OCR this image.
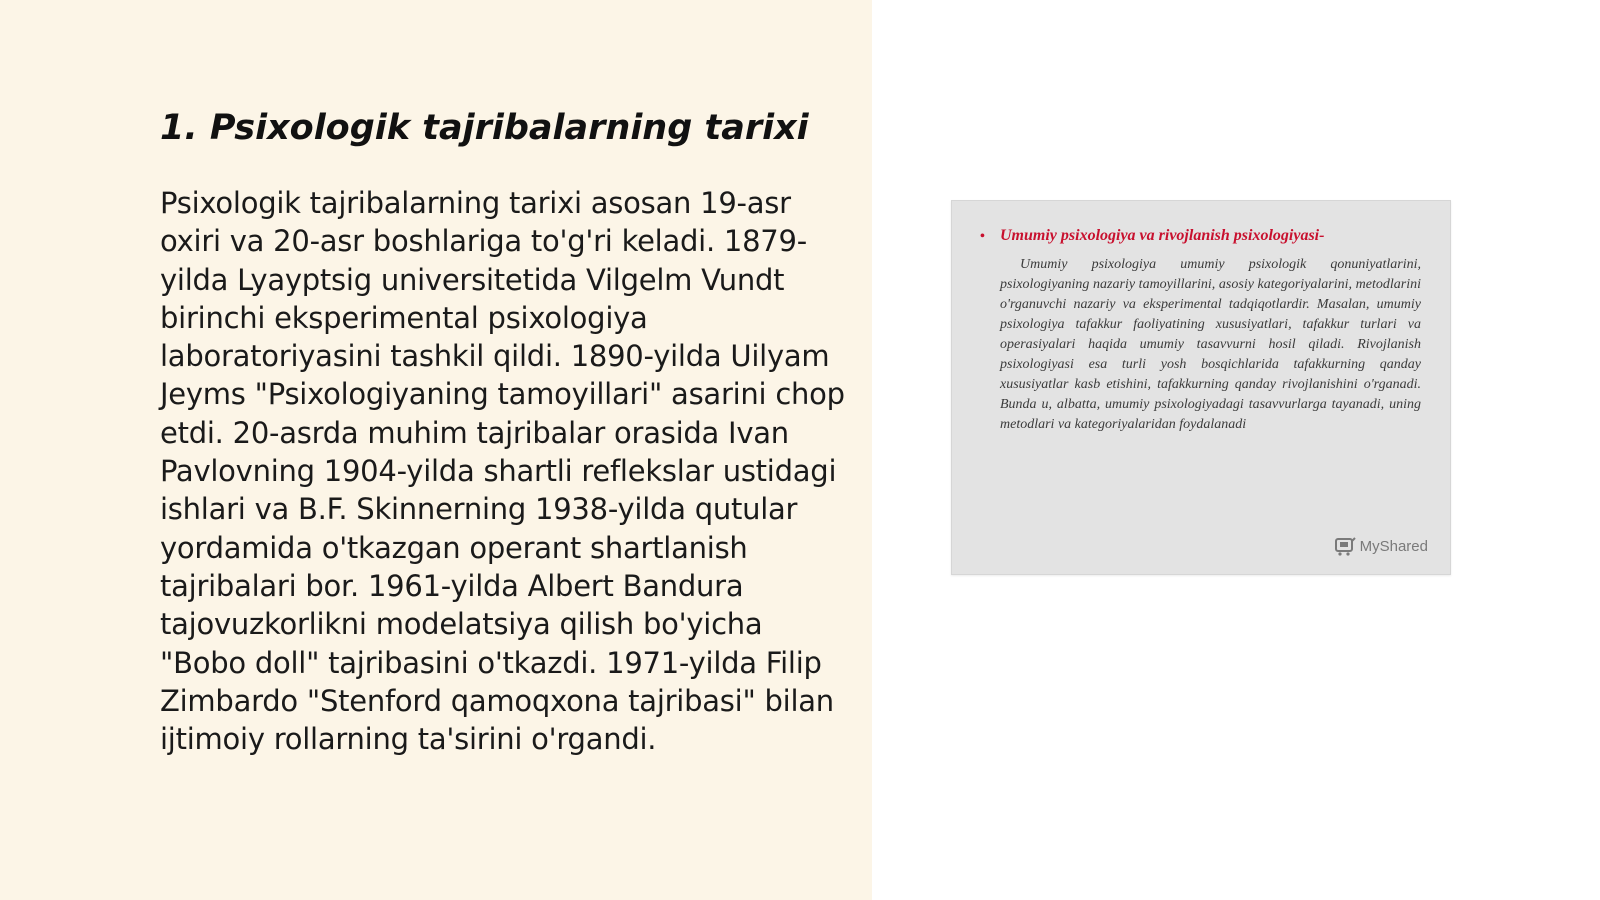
1. Psixologik tajribalarning tarixi

Psixologik tajribalarning tarixi asosan 19-asr oxiri va 20-asr boshlariga to'g'ri keladi. 1879-yilda Lyayptsig universitetida Vilgelm Vundt birinchi eksperimental psixologiya laboratoriyasini tashkil qildi. 1890-yilda Uilyam Jeyms "Psixologiyaning tamoyillari" asarini chop etdi. 20-asrda muhim tajribalar orasida Ivan Pavlovning 1904-yilda shartli reflekslar ustidagi ishlari va B.F. Skinnerning 1938-yilda qutular yordamida o'tkazgan operant shartlanish tajribalari bor. 1961-yilda Albert Bandura tajovuzkorlikni modelatsiya qilish bo'yicha "Bobo doll" tajribasini o'tkazdi. 1971-yilda Filip Zimbardo "Stenford qamoqxona tajribasi" bilan ijtimoiy rollarning ta'sirini o'rgandi.

• Umumiy psixologiya va rivojlanish psixologiyasi-

Umumiy psixologiya umumiy psixologik qonuniyatlarini, psixologiyaning nazariy tamoyillarini, asosiy kategoriyalarini, metodlarini o'rganuvchi nazariy va eksperimental tadqiqotlardir. Masalan, umumiy psixologiya tafakkur faoliyatining xususiyatlari, tafakkur turlari va operasiyalari haqida umumiy tasavvurni hosil qiladi. Rivojlanish psixologiyasi esa turli yosh bosqichlarida tafakkurning qanday xususiyatlar kasb etishini, tafakkurning qanday rivojlanishini o'rganadi. Bunda u, albatta, umumiy psixologiyadagi tasavvurlarga tayanadi, uning metodlari va kategoriyalaridan foydalanadi

MyShared
